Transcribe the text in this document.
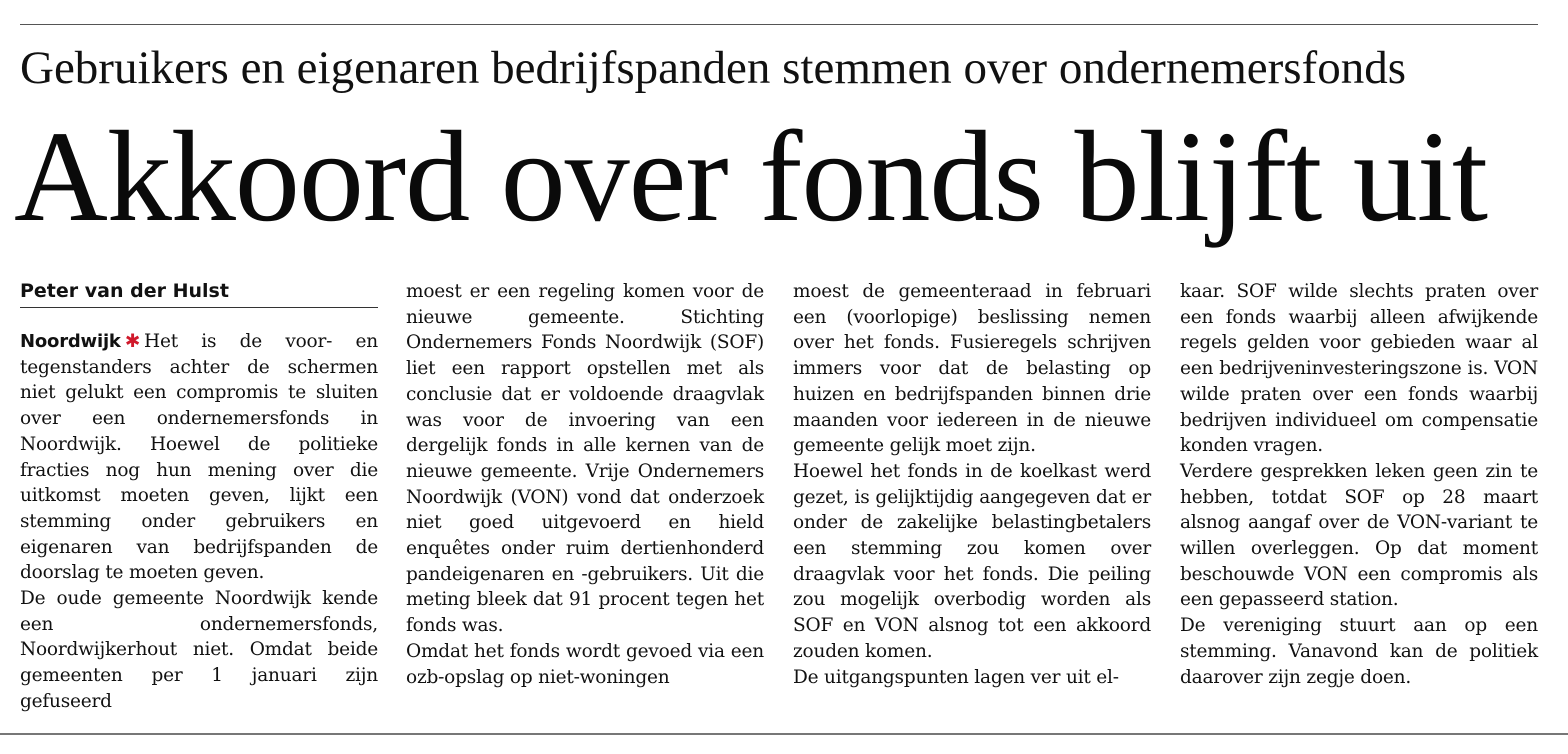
Gebruikers en eigenaren bedrijfspanden stemmen over ondernemersfonds
Akkoord over fonds blijft uit
Peter van der Hulst

Noordwijk ✱ Het is de voor- en tegenstanders achter de schermen niet gelukt een compromis te sluiten over een ondernemersfonds in Noordwijk. Hoewel de politieke fracties nog hun mening over die uitkomst moeten geven, lijkt een stemming onder gebruikers en eigenaren van bedrijfspanden de doorslag te moeten geven.

De oude gemeente Noordwijk kende een ondernemersfonds, Noordwijkerhout niet. Omdat beide gemeenten per 1 januari zijn gefuseerd

moest er een regeling komen voor de nieuwe gemeente. Stichting Ondernemers Fonds Noordwijk (SOF) liet een rapport opstellen met als conclusie dat er voldoende draagvlak was voor de invoering van een dergelijk fonds in alle kernen van de nieuwe gemeente. Vrije Ondernemers Noordwijk (VON) vond dat onderzoek niet goed uitgevoerd en hield enquêtes onder ruim dertienhonderd pandeigenaren en -gebruikers. Uit die meting bleek dat 91 procent tegen het fonds was.

Omdat het fonds wordt gevoed via een ozb-opslag op niet-woningen

moest de gemeenteraad in februari een (voorlopige) beslissing nemen over het fonds. Fusieregels schrijven immers voor dat de belasting op huizen en bedrijfspanden binnen drie maanden voor iedereen in de nieuwe gemeente gelijk moet zijn.

Hoewel het fonds in de koelkast werd gezet, is gelijktijdig aangegeven dat er onder de zakelijke belastingbetalers een stemming zou komen over draagvlak voor het fonds. Die peiling zou mogelijk overbodig worden als SOF en VON alsnog tot een akkoord zouden komen.

De uitgangspunten lagen ver uit el-

kaar. SOF wilde slechts praten over een fonds waarbij alleen afwijkende regels gelden voor gebieden waar al een bedrijveninvesteringszone is. VON wilde praten over een fonds waarbij bedrijven individueel om compensatie konden vragen.

Verdere gesprekken leken geen zin te hebben, totdat SOF op 28 maart alsnog aangaf over de VON-variant te willen overleggen. Op dat moment beschouwde VON een compromis als een gepasseerd station.

De vereniging stuurt aan op een stemming. Vanavond kan de politiek daarover zijn zegje doen.
